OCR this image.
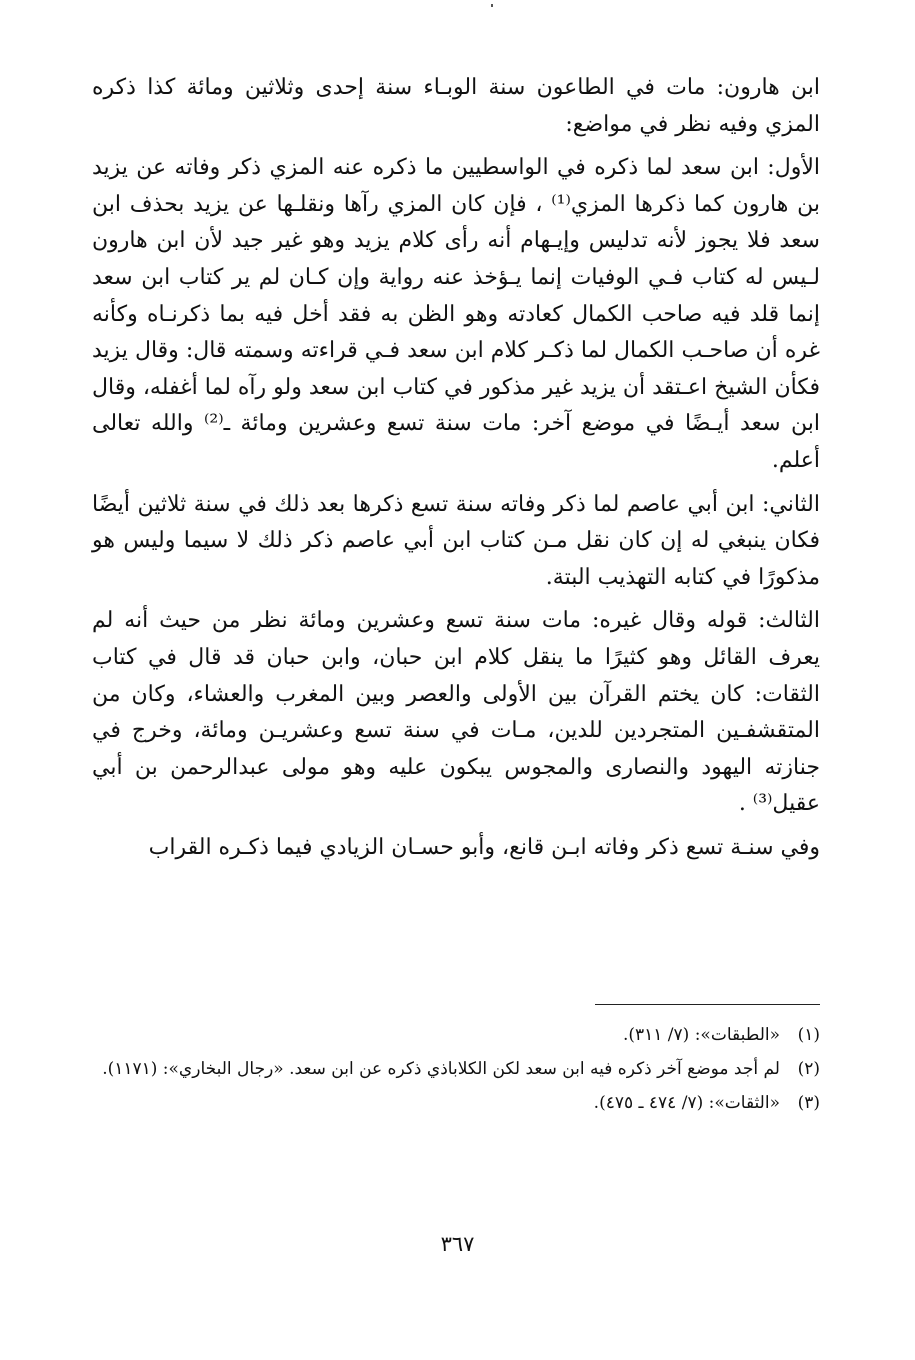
ابن هارون: مات في الطاعون سنة الوبـاء سنة إحدى وثلاثين ومائة كذا ذكره المزي وفيه نظر في مواضع:

الأول: ابن سعد لما ذكره في الواسطيين ما ذكره عنه المزي ذكر وفاته عن يزيد بن هارون كما ذكرها المزي⁽¹⁾ ، فإن كان المزي رآها ونقلـها عن يزيد بحذف ابن سعد فلا يجوز لأنه تدليس وإيـهام أنه رأى كلام يزيد وهو غير جيد لأن ابن هارون لـيس له كتاب فـي الوفيات إنما يـؤخذ عنه رواية وإن كـان لم ير كتاب ابن سعد إنما قلد فيه صاحب الكمال كعادته وهو الظن به فقد أخل فيه بما ذكرنـاه وكأنه غره أن صاحـب الكمال لما ذكـر كلام ابن سعد فـي قراءته وسمته قال: وقال يزيد فكأن الشيخ اعـتقد أن يزيد غير مذكور في كتاب ابن سعد ولو رآه لما أغفله، وقال ابن سعد أيـضًا في موضع آخر: مات سنة تسع وعشرين ومائة ـ⁽²⁾ والله تعالى أعلم.

الثاني: ابن أبي عاصم لما ذكر وفاته سنة تسع ذكرها بعد ذلك في سنة ثلاثين أيضًا فكان ينبغي له إن كان نقل مـن كتاب ابن أبي عاصم ذكر ذلك لا سيما وليس هو مذكورًا في كتابه التهذيب البتة.

الثالث: قوله وقال غيره: مات سنة تسع وعشرين ومائة نظر من حيث أنه لم يعرف القائل وهو كثيرًا ما ينقل كلام ابن حبان، وابن حبان قد قال في كتاب الثقات: كان يختم القرآن بين الأولى والعصر وبين المغرب والعشاء، وكان من المتقشفـين المتجردين للدين، مـات في سنة تسع وعشريـن ومائة، وخرج في جنازته اليهود والنصارى والمجوس يبكون عليه وهو مولى عبدالرحمن بن أبي عقيل⁽³⁾ .

وفي سنـة تسع ذكر وفاته ابـن قانع، وأبو حسـان الزيادي فيما ذكـره القراب

(١)«الطبقات»: (٧/ ٣١١).

(٢)لم أجد موضع آخر ذكره فيه ابن سعد لكن الكلاباذي ذكره عن ابن سعد. «رجال البخاري»: (١١٧١).

(٣)«الثقات»: (٧/ ٤٧٤ ـ ٤٧٥).

٣٦٧
